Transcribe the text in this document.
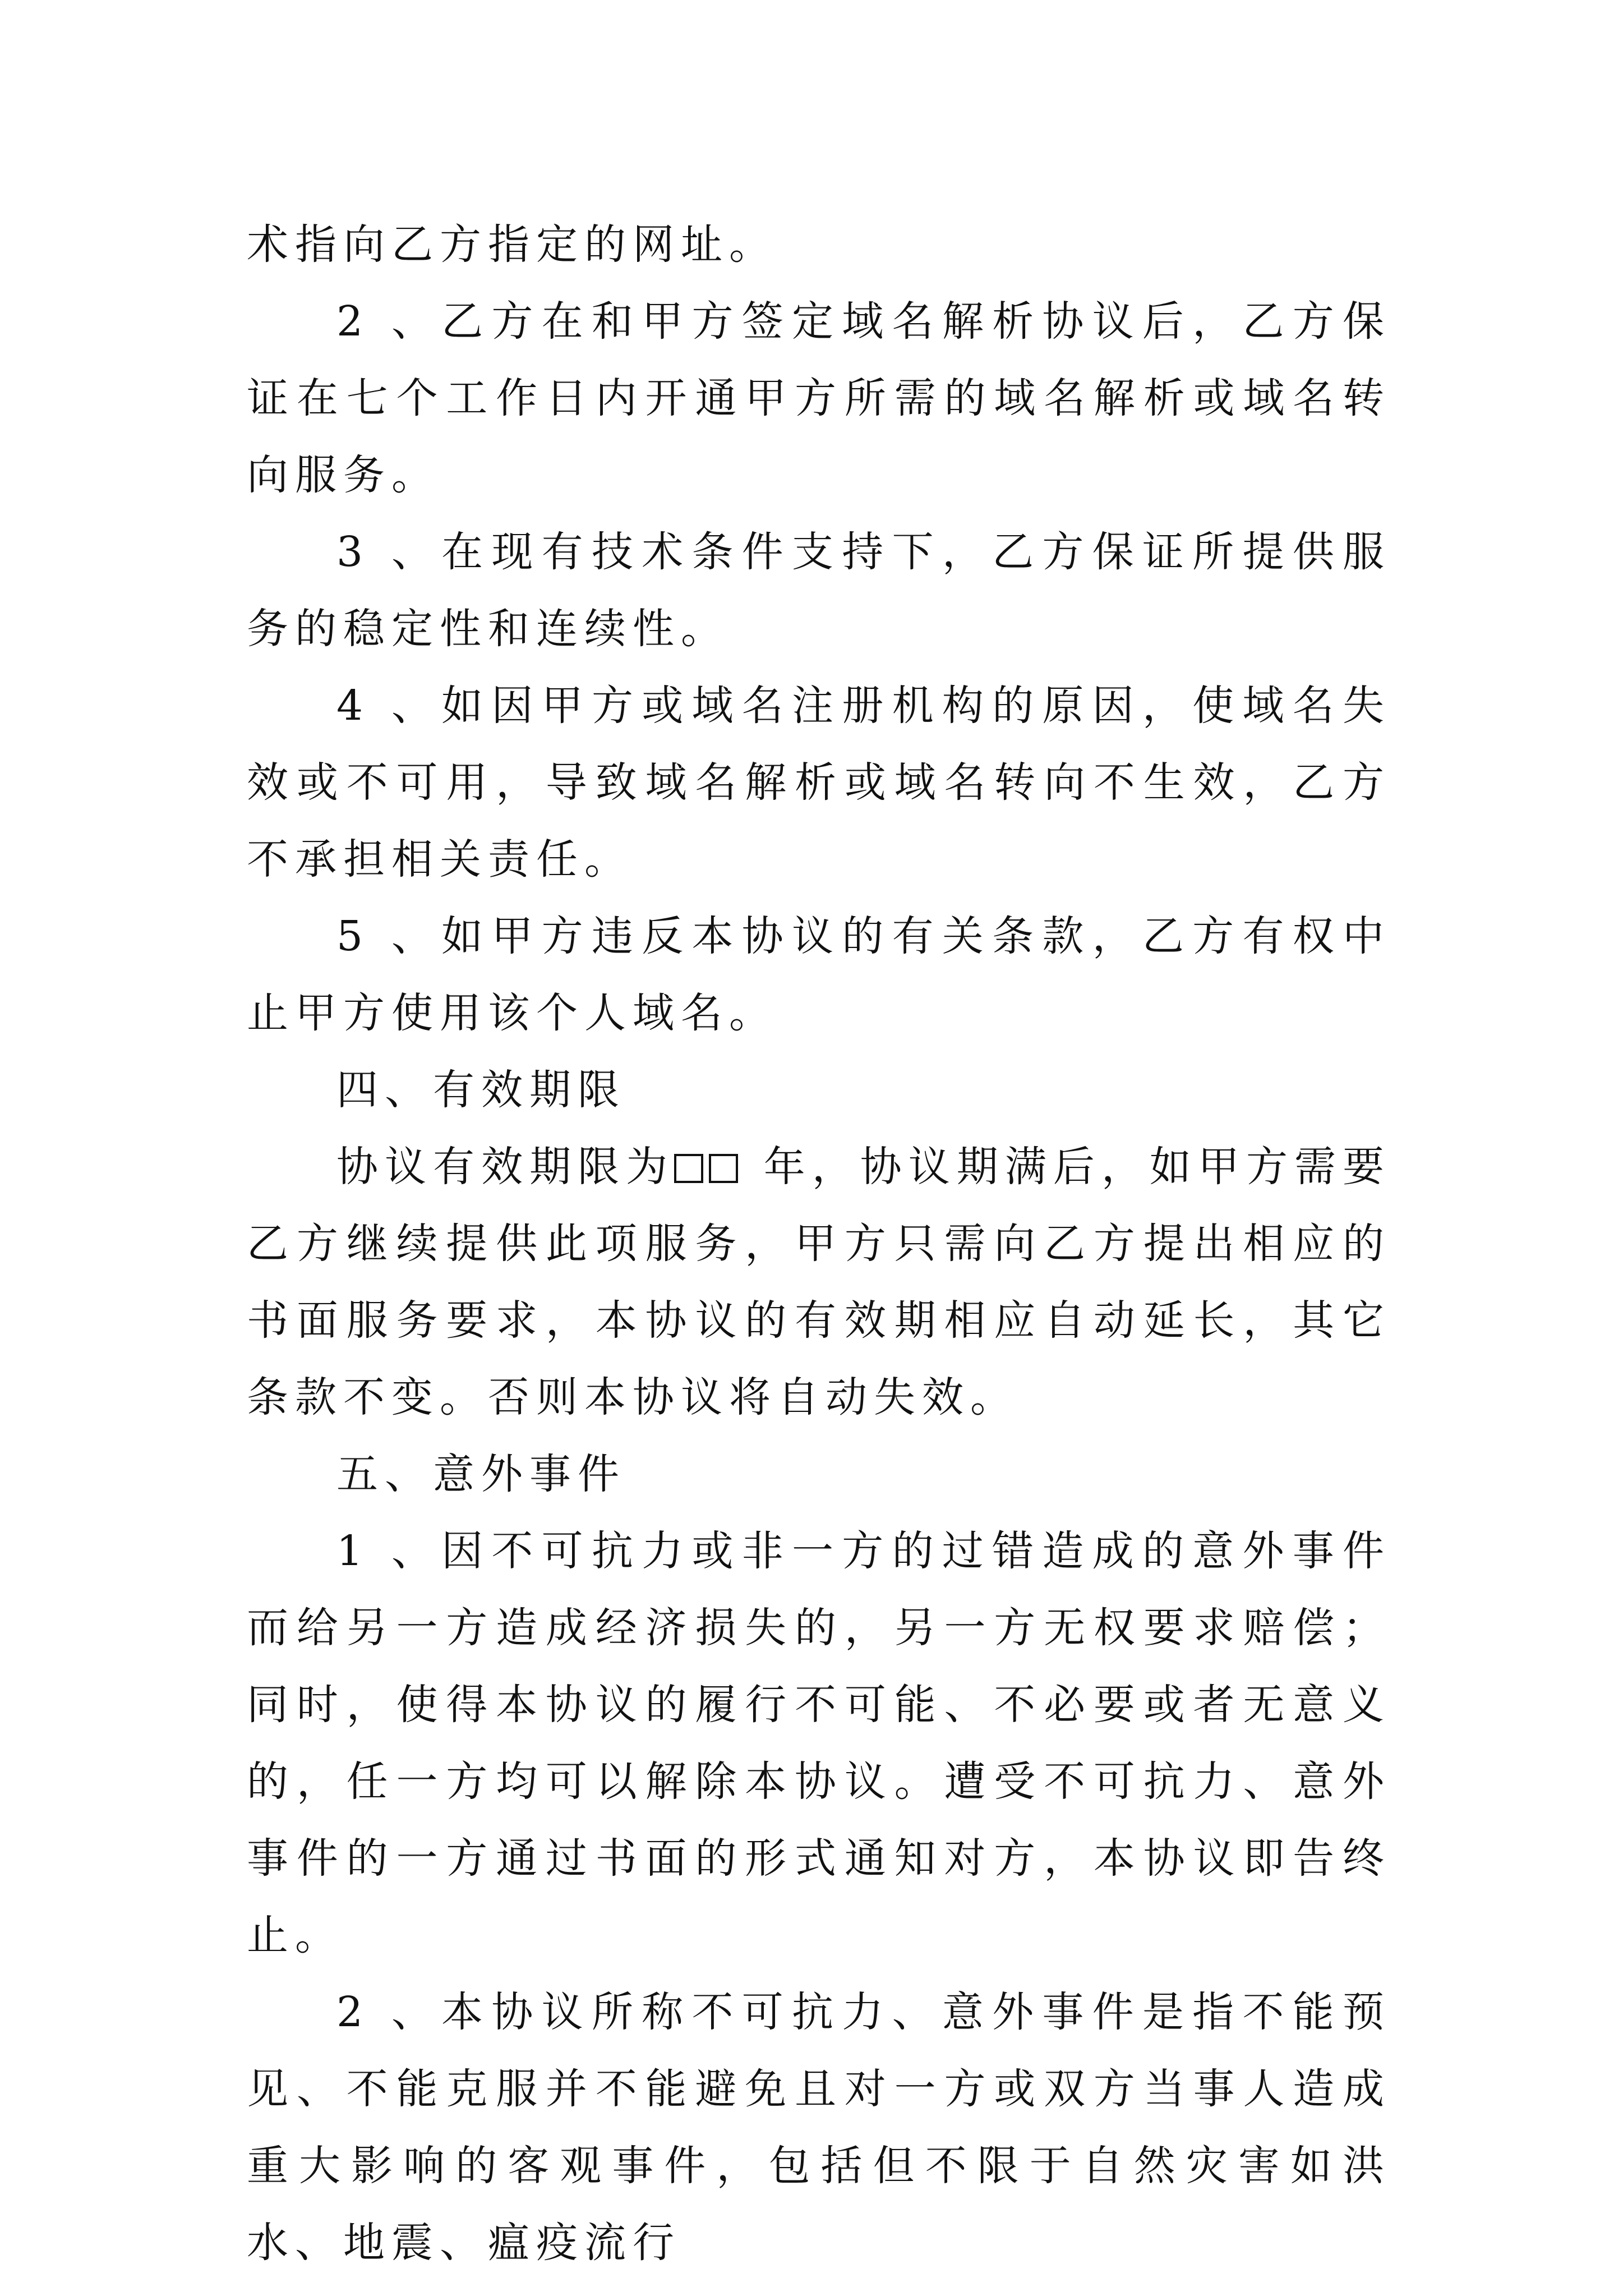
术指向乙方指定的网址。

2 、乙方在和甲方签定域名解析协议后，乙方保证在七个工作日内开通甲方所需的域名解析或域名转向服务。

3 、在现有技术条件支持下，乙方保证所提供服务的稳定性和连续性。

4 、如因甲方或域名注册机构的原因，使域名失效或不可用，导致域名解析或域名转向不生效，乙方不承担相关责任。

5 、如甲方违反本协议的有关条款，乙方有权中止甲方使用该个人域名。

四、有效期限

协议有效期限为 年，协议期满后，如甲方需要乙方继续提供此项服务，甲方只需向乙方提出相应的书面服务要求，本协议的有效期相应自动延长，其它条款不变。否则本协议将自动失效。

五、意外事件

1 、因不可抗力或非一方的过错造成的意外事件而给另一方造成经济损失的，另一方无权要求赔偿；同时，使得本协议的履行不可能、不必要或者无意义的，任一方均可以解除本协议。遭受不可抗力、意外事件的一方通过书面的形式通知对方，本协议即告终止。

2 、本协议所称不可抗力、意外事件是指不能预见、不能克服并不能避免且对一方或双方当事人造成重大影响的客观事件，包括但不限于自然灾害如洪水、地震、瘟疫流行
